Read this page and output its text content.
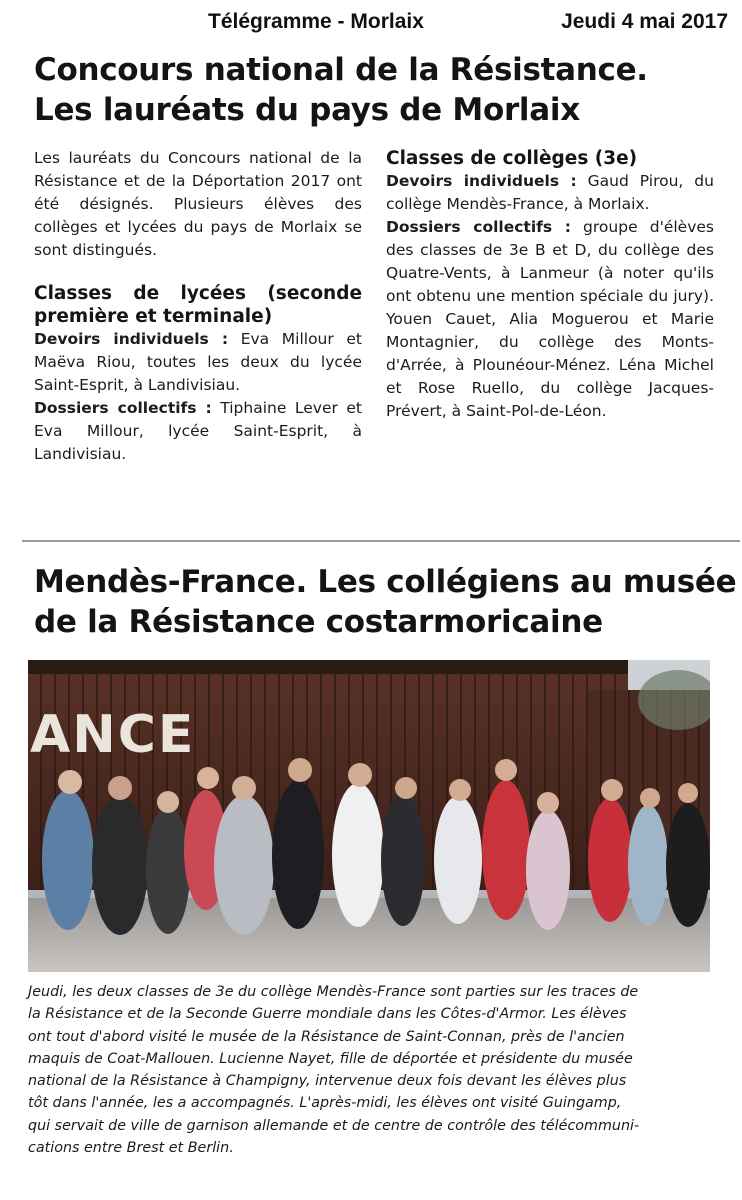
Télégramme - Morlaix	Jeudi 4 mai 2017
Concours national de la Résistance.
Les lauréats du pays de Morlaix

Les lauréats du Concours national de la Résistance et de la Déportation 2017 ont été désignés. Plusieurs élèves des collèges et lycées du pays de Morlaix se sont distingués.

Classes de lycées (seconde première et terminale)

Devoirs individuels : Eva Millour et Maëva Riou, toutes les deux du lycée Saint-Esprit, à Landivisiau.

Dossiers collectifs : Tiphaine Lever et Eva Millour, lycée Saint-Esprit, à Landivisiau.

Classes de collèges (3e)

Devoirs individuels : Gaud Pirou, du collège Mendès-France, à Morlaix.

Dossiers collectifs : groupe d'élèves des classes de 3e B et D, du collège des Quatre-Vents, à Lanmeur (à noter qu'ils ont obtenu une mention spéciale du jury). Youen Cauet, Alia Moguerou et Marie Montagnier, du collège des Monts-d'Arrée, à Plounéour-Ménez. Léna Michel et Rose Ruello, du collège Jacques-Prévert, à Saint-Pol-de-Léon.

Mendès-France. Les collégiens au musée
de la Résistance costarmoricaine
ANCE

Jeudi, les deux classes de 3e du collège Mendès-France sont parties sur les traces de
la Résistance et de la Seconde Guerre mondiale dans les Côtes-d'Armor. Les élèves
ont tout d'abord visité le musée de la Résistance de Saint-Connan, près de l'ancien
maquis de Coat-Mallouen. Lucienne Nayet, fille de déportée et présidente du musée
national de la Résistance à Champigny, intervenue deux fois devant les élèves plus
tôt dans l'année, les a accompagnés. L'après-midi, les élèves ont visité Guingamp,
qui servait de ville de garnison allemande et de centre de contrôle des télécommuni-
cations entre Brest et Berlin.
